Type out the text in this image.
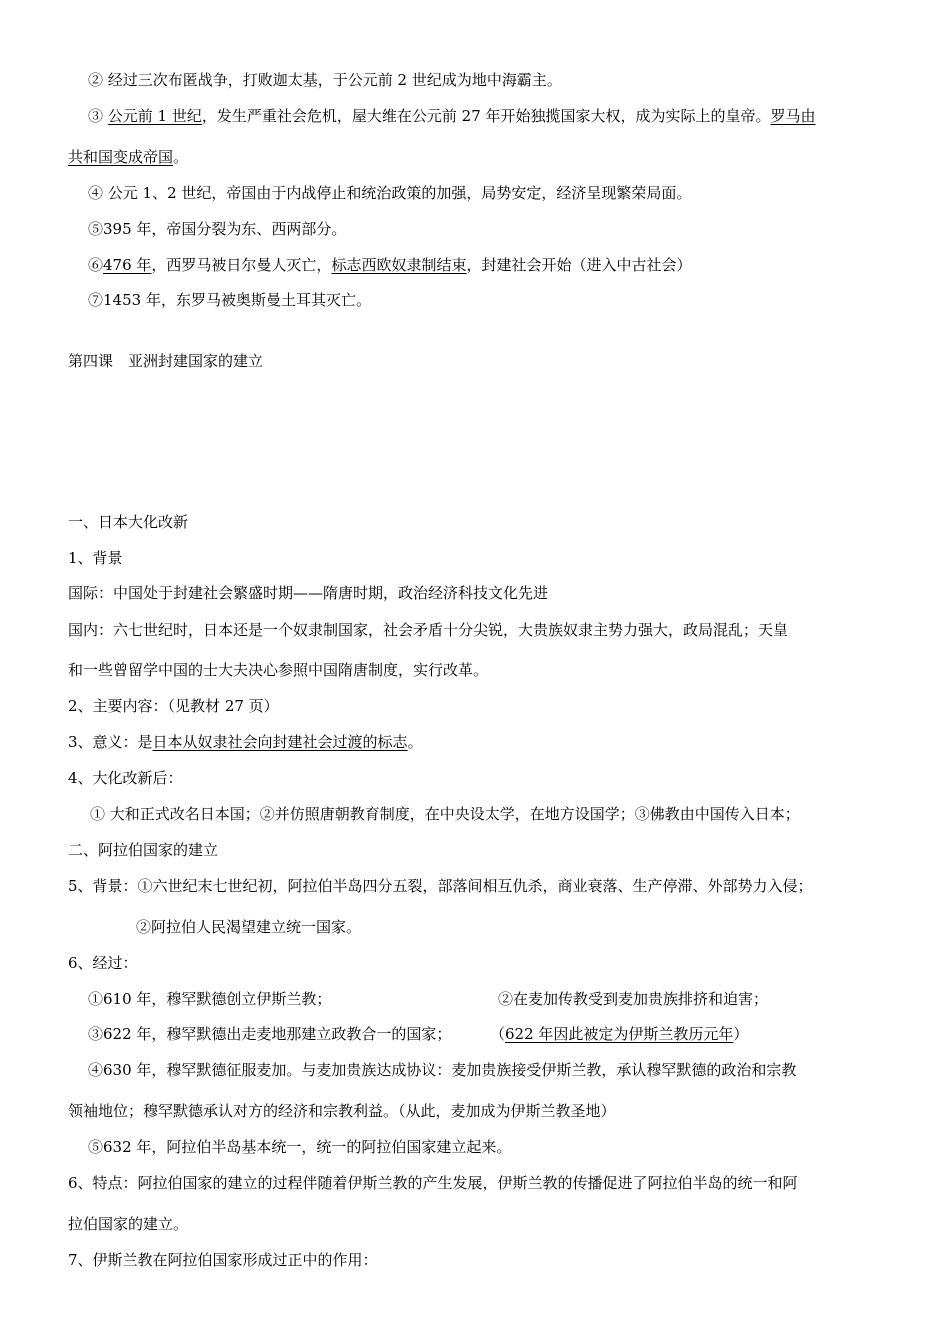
② 经过三次布匿战争，打败迦太基，于公元前 2 世纪成为地中海霸主。
③ 公元前 1 世纪，发生严重社会危机，屋大维在公元前 27 年开始独揽国家大权，成为实际上的皇帝。罗马由
共和国变成帝国。
④ 公元 1、2 世纪，帝国由于内战停止和统治政策的加强，局势安定，经济呈现繁荣局面。
⑤395 年，帝国分裂为东、西两部分。
⑥476 年，西罗马被日尔曼人灭亡，标志西欧奴隶制结束，封建社会开始（进入中古社会）
⑦1453 年，东罗马被奥斯曼土耳其灭亡。
第四课　亚洲封建国家的建立
一、日本大化改新
1、背景
国际：中国处于封建社会繁盛时期——隋唐时期，政治经济科技文化先进
国内：六七世纪时，日本还是一个奴隶制国家，社会矛盾十分尖锐，大贵族奴隶主势力强大，政局混乱；天皇
和一些曾留学中国的士大夫决心参照中国隋唐制度，实行改革。
2、主要内容：（见教材 27 页）
3、意义：是日本从奴隶社会向封建社会过渡的标志。
4、大化改新后：
① 大和正式改名日本国；②并仿照唐朝教育制度，在中央设太学，在地方设国学；③佛教由中国传入日本；
二、阿拉伯国家的建立
5、背景：①六世纪末七世纪初，阿拉伯半岛四分五裂，部落间相互仇杀，商业衰落、生产停滞、外部势力入侵；
②阿拉伯人民渴望建立统一国家。
6、经过：
①610 年，穆罕默德创立伊斯兰教；	②在麦加传教受到麦加贵族排挤和迫害；
③622 年，穆罕默德出走麦地那建立政教合一的国家；	（622 年因此被定为伊斯兰教历元年）
④630 年，穆罕默德征服麦加。与麦加贵族达成协议：麦加贵族接受伊斯兰教，承认穆罕默德的政治和宗教
领袖地位；穆罕默德承认对方的经济和宗教利益。（从此，麦加成为伊斯兰教圣地）
⑤632 年，阿拉伯半岛基本统一，统一的阿拉伯国家建立起来。
6、特点：阿拉伯国家的建立的过程伴随着伊斯兰教的产生发展，伊斯兰教的传播促进了阿拉伯半岛的统一和阿
拉伯国家的建立。
7、伊斯兰教在阿拉伯国家形成过正中的作用：
